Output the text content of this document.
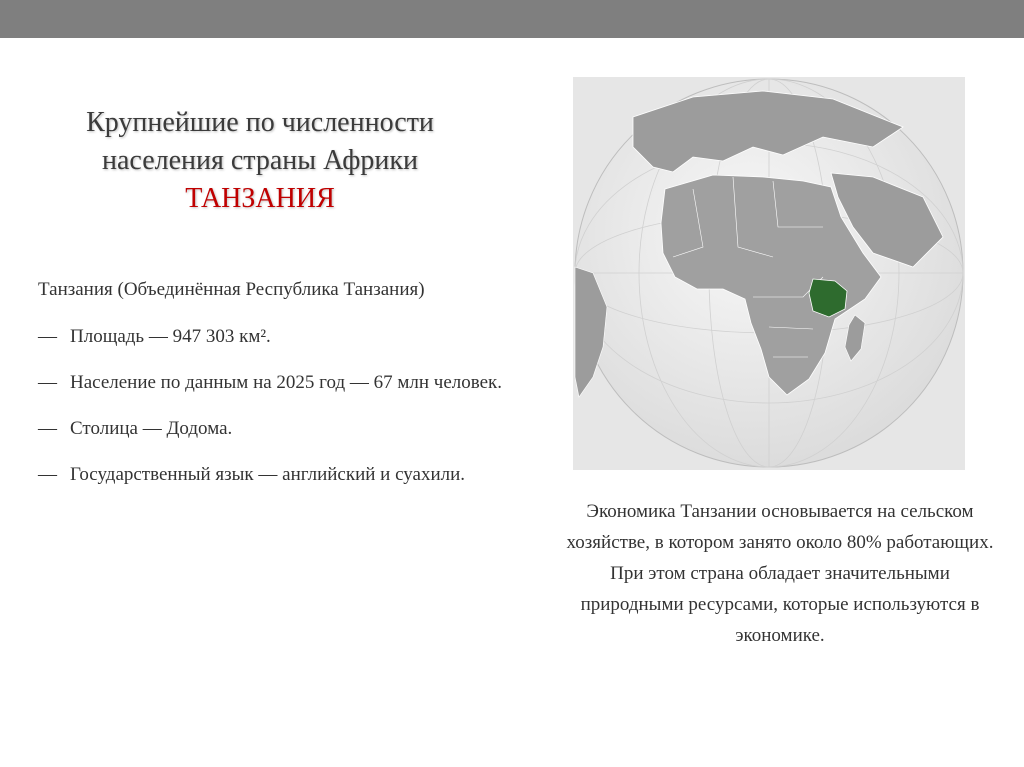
Крупнейшие по численности
населения страны Африки
ТАНЗАНИЯ
Танзания (Объединённая Республика Танзания)
— Площадь — 947 303 км².
— Население по данным на 2025 год — 67 млн человек.
— Столица — Додома.
— Государственный язык — английский и суахили.
Экономика Танзании основывается на сельском хозяйстве, в котором занято около 80% работающих. При этом страна обладает значительными природными ресурсами, которые используются в экономике.
